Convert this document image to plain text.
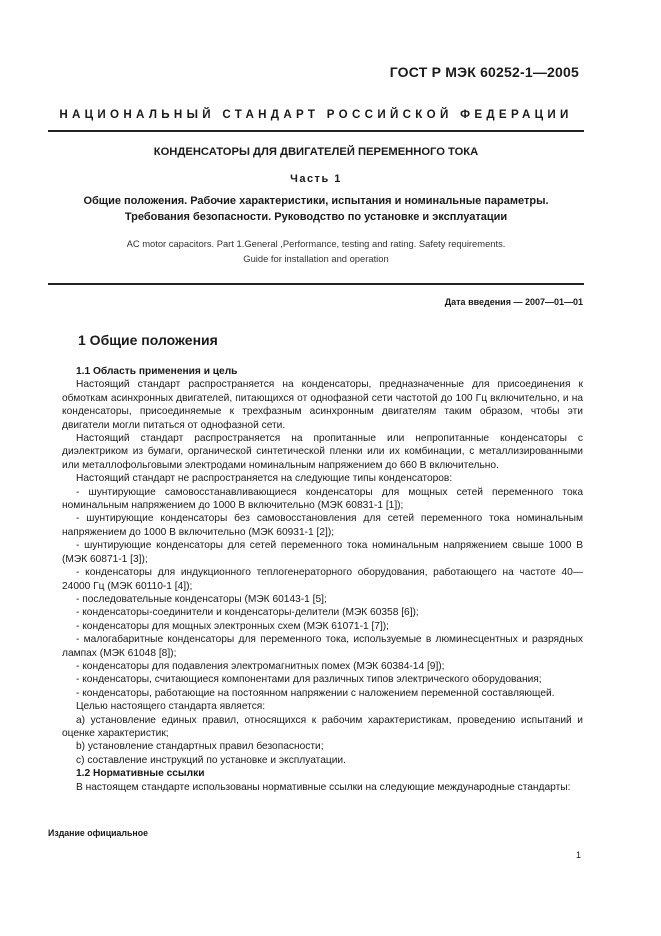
ГОСТ Р МЭК 60252-1—2005
НАЦИОНАЛЬНЫЙ СТАНДАРТ РОССИЙСКОЙ ФЕДЕРАЦИИ
КОНДЕНСАТОРЫ ДЛЯ ДВИГАТЕЛЕЙ ПЕРЕМЕННОГО ТОКА
Часть 1
Общие положения. Рабочие характеристики, испытания и номинальные параметры.
Требования безопасности. Руководство по установке и эксплуатации
AC motor capacitors. Part 1.General ,Performance, testing and rating. Safety requirements.
Guide for installation and operation
Дата введения — 2007—01—01
1 Общие положения

1.1 Область применения и цель

Настоящий стандарт распространяется на конденсаторы, предназначенные для присоединения к обмоткам асинхронных двигателей, питающихся от однофазной сети частотой до 100 Гц включительно, и на конденсаторы, присоединяемые к трехфазным асинхронным двигателям таким образом, чтобы эти двигатели могли питаться от однофазной сети.

Настоящий стандарт распространяется на пропитанные или непропитанные конденсаторы с диэлектриком из бумаги, органической синтетической пленки или их комбинации, с металлизированными или металлофольговыми электродами номинальным напряжением до 660 В включительно.

Настоящий стандарт не распространяется на следующие типы конденсаторов:

- шунтирующие самовосстанавливающиеся конденсаторы для мощных сетей переменного тока номинальным напряжением до 1000 В включительно (МЭК 60831-1 [1]);

- шунтирующие конденсаторы без самовосстановления для сетей переменного тока номинальным напряжением до 1000 В включительно (МЭК 60931-1 [2]);

- шунтирующие конденсаторы для сетей переменного тока номинальным напряжением свыше 1000 В (МЭК 60871-1 [3]);

- конденсаторы для индукционного теплогенераторного оборудования, работающего на частоте 40—24000 Гц (МЭК 60110-1 [4]);

- последовательные конденсаторы (МЭК 60143-1 [5];

- конденсаторы-соединители и конденсаторы-делители (МЭК 60358 [6]);

- конденсаторы для мощных электронных схем (МЭК 61071-1 [7]);

- малогабаритные конденсаторы для переменного тока, используемые в люминесцентных и разрядных лампах (МЭК 61048 [8]);

- конденсаторы для подавления электромагнитных помех (МЭК 60384-14 [9]);

- конденсаторы, считающиеся компонентами для различных типов электрического оборудования;

- конденсаторы, работающие на постоянном напряжении с наложением переменной составляющей.

Целью настоящего стандарта является:

а) установление единых правил, относящихся к рабочим характеристикам, проведению испытаний и оценке характеристик;

b) установление стандартных правил безопасности;

c) составление инструкций по установке и эксплуатации.

1.2 Нормативные ссылки

В настоящем стандарте использованы нормативные ссылки на следующие международные стандарты:

Издание официальное
1
